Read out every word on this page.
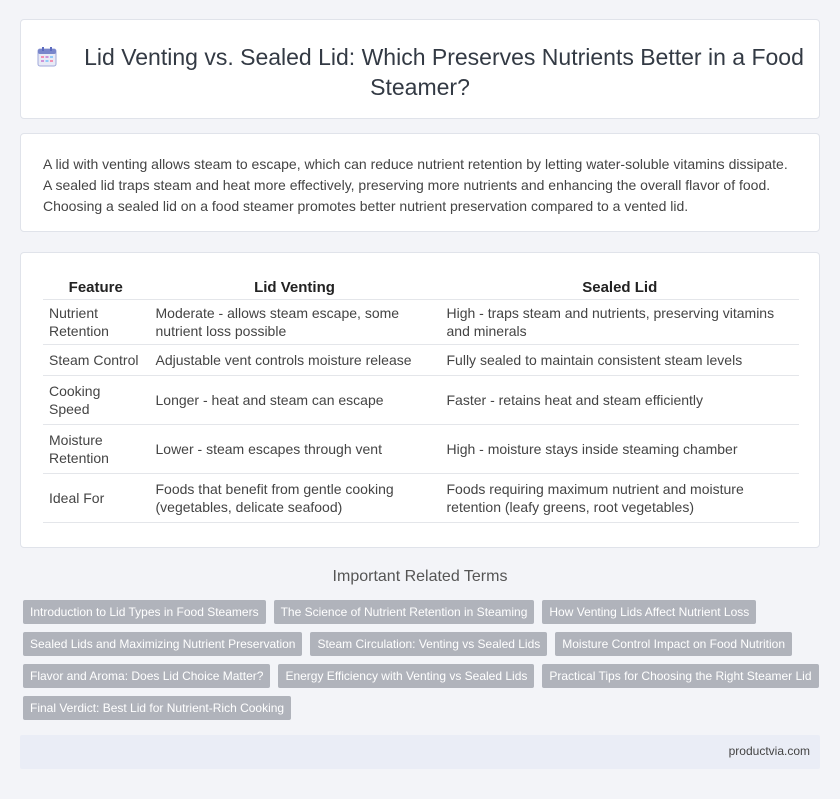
Lid Venting vs. Sealed Lid: Which Preserves Nutrients Better in a Food Steamer?

A lid with venting allows steam to escape, which can reduce nutrient retention by letting water-soluble vitamins dissipate. A sealed lid traps steam and heat more effectively, preserving more nutrients and enhancing the overall flavor of food. Choosing a sealed lid on a food steamer promotes better nutrient preservation compared to a vented lid.

Feature	Lid Venting	Sealed Lid
Nutrient Retention	Moderate - allows steam escape, some nutrient loss possible	High - traps steam and nutrients, preserving vitamins and minerals
Steam Control	Adjustable vent controls moisture release	Fully sealed to maintain consistent steam levels
Cooking Speed	Longer - heat and steam can escape	Faster - retains heat and steam efficiently
Moisture Retention	Lower - steam escapes through vent	High - moisture stays inside steaming chamber
Ideal For	Foods that benefit from gentle cooking (vegetables, delicate seafood)	Foods requiring maximum nutrient and moisture retention (leafy greens, root vegetables)
Important Related Terms
Introduction to Lid Types in Food Steamers	The Science of Nutrient Retention in Steaming	How Venting Lids Affect Nutrient Loss
Sealed Lids and Maximizing Nutrient Preservation	Steam Circulation: Venting vs Sealed Lids	Moisture Control Impact on Food Nutrition
Flavor and Aroma: Does Lid Choice Matter?	Energy Efficiency with Venting vs Sealed Lids	Practical Tips for Choosing the Right Steamer Lid
Final Verdict: Best Lid for Nutrient-Rich Cooking
productvia.com
